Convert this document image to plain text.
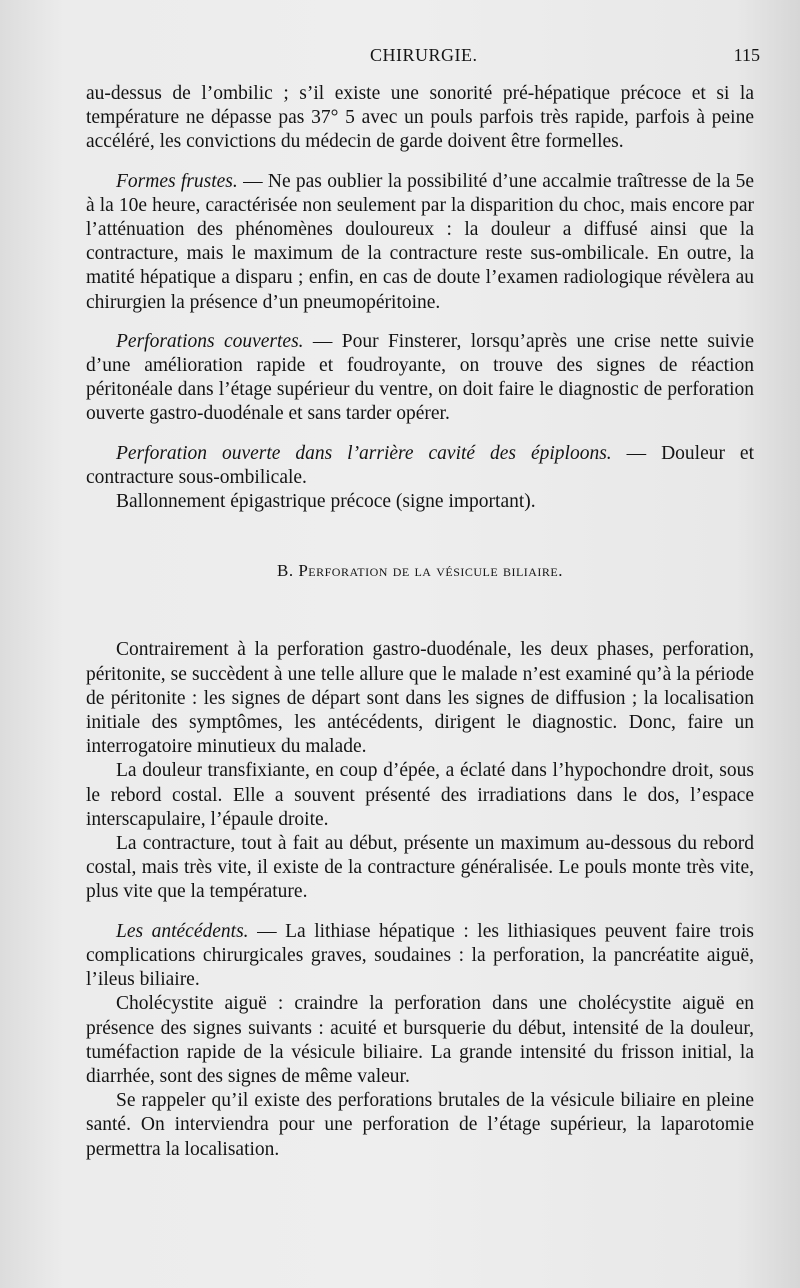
CHIRURGIE.	115

au-dessus de l’ombilic ; s’il existe une sonorité pré-hépatique précoce et si la température ne dépasse pas 37° 5 avec un pouls parfois très rapide, parfois à peine accéléré, les convictions du médecin de garde doivent être formelles.

Formes frustes. — Ne pas oublier la possibilité d’une accalmie traîtresse de la 5e à la 10e heure, caractérisée non seulement par la disparition du choc, mais encore par l’atténuation des phénomènes douloureux : la douleur a diffusé ainsi que la contracture, mais le maximum de la contracture reste sus-ombilicale. En outre, la matité hépatique a disparu ; enfin, en cas de doute l’examen radiologique révèlera au chirurgien la présence d’un pneumopéritoine.

Perforations couvertes. — Pour Finsterer, lorsqu’après une crise nette suivie d’une amélioration rapide et foudroyante, on trouve des signes de réaction péritonéale dans l’étage supérieur du ventre, on doit faire le diagnostic de perforation ouverte gastro-duodénale et sans tarder opérer.

Perforation ouverte dans l’arrière cavité des épiploons. — Douleur et contracture sous-ombilicale.

Ballonnement épigastrique précoce (signe important).

B. Perforation de la vésicule biliaire.

Contrairement à la perforation gastro-duodénale, les deux phases, perforation, péritonite, se succèdent à une telle allure que le malade n’est examiné qu’à la période de péritonite : les signes de départ sont dans les signes de diffusion ; la localisation initiale des symptômes, les antécédents, dirigent le diagnostic. Donc, faire un interrogatoire minutieux du malade.

La douleur transfixiante, en coup d’épée, a éclaté dans l’hypochondre droit, sous le rebord costal. Elle a souvent présenté des irradiations dans le dos, l’espace interscapulaire, l’épaule droite.

La contracture, tout à fait au début, présente un maximum au-dessous du rebord costal, mais très vite, il existe de la contracture généralisée. Le pouls monte très vite, plus vite que la température.

Les antécédents. — La lithiase hépatique : les lithiasiques peuvent faire trois complications chirurgicales graves, soudaines : la perforation, la pancréatite aiguë, l’ileus biliaire.

Cholécystite aiguë : craindre la perforation dans une cholécystite aiguë en présence des signes suivants : acuité et bursquerie du début, intensité de la douleur, tuméfaction rapide de la vésicule biliaire. La grande intensité du frisson initial, la diarrhée, sont des signes de même valeur.

Se rappeler qu’il existe des perforations brutales de la vésicule biliaire en pleine santé. On interviendra pour une perforation de l’étage supérieur, la laparotomie permettra la localisation.
